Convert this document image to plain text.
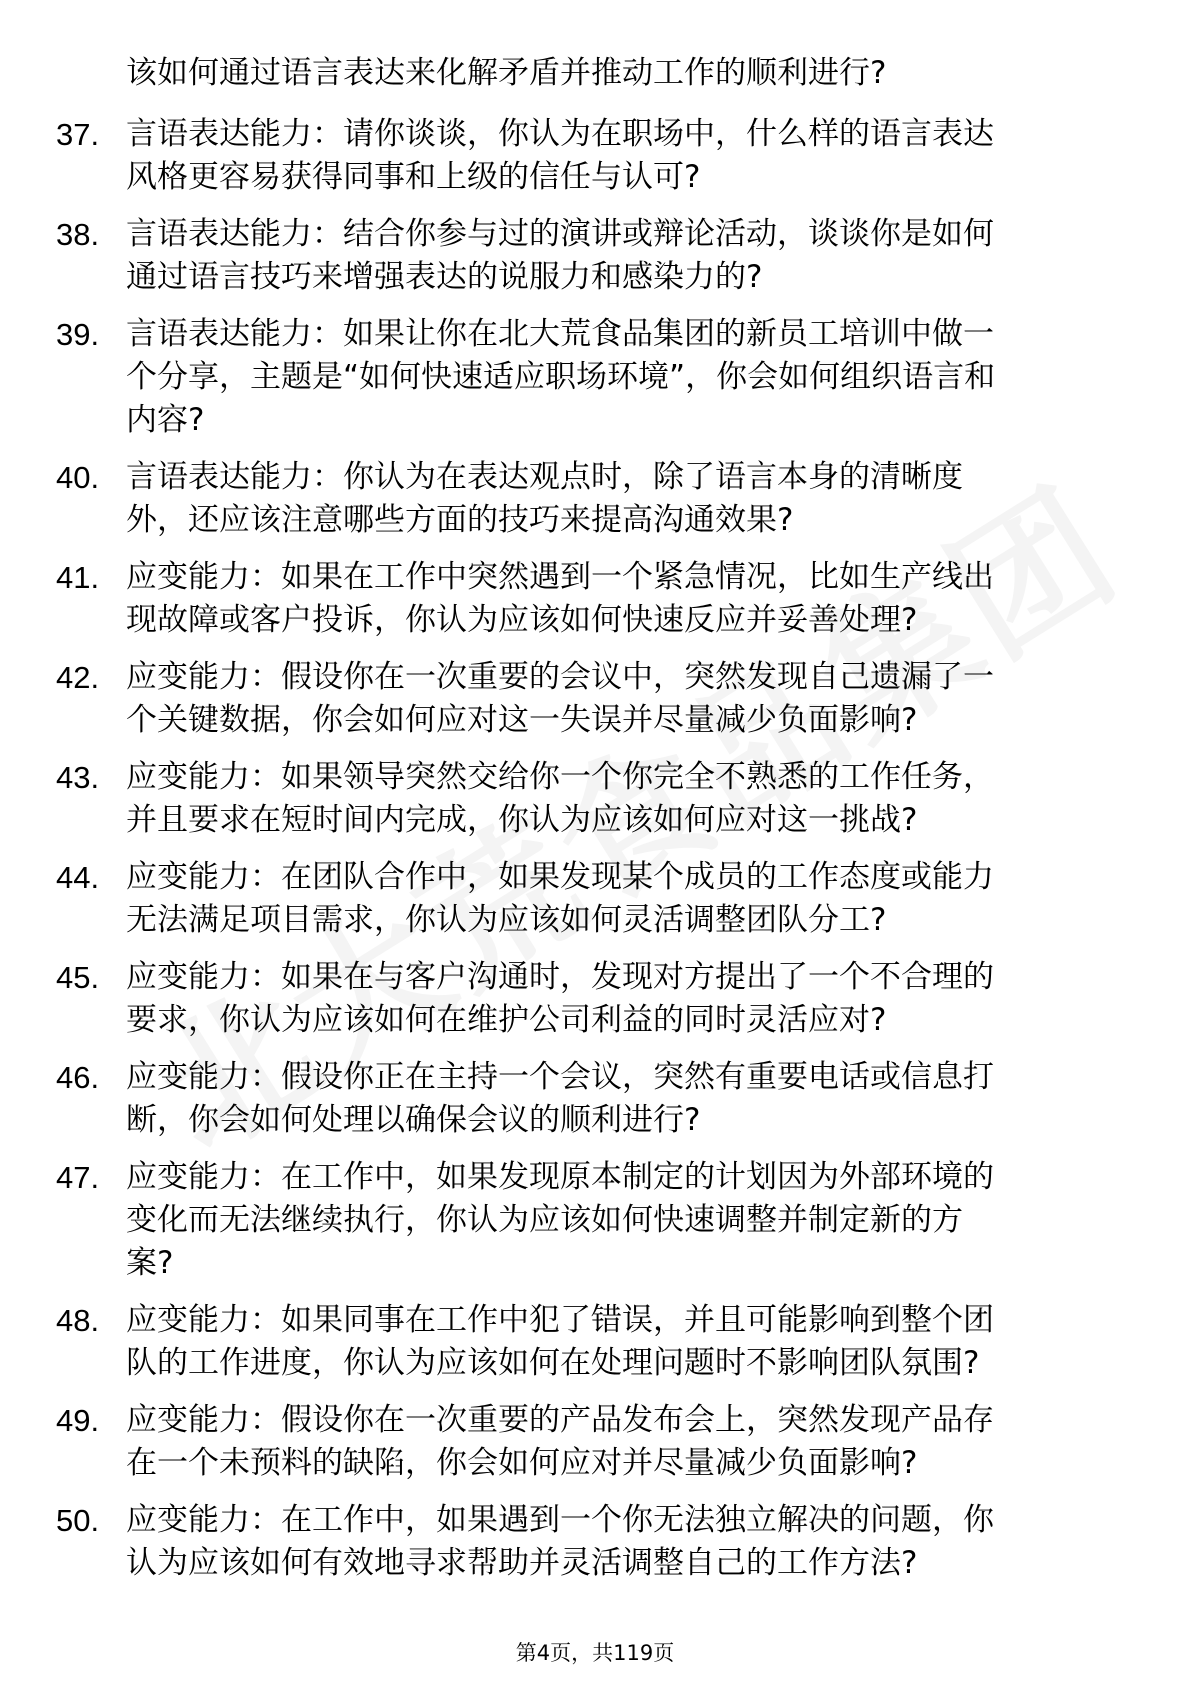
该如何通过语言表达来化解矛盾并推动工作的顺利进行?
37. 言语表达能力：请你谈谈，你认为在职场中，什么样的语言表达
风格更容易获得同事和上级的信任与认可?
38. 言语表达能力：结合你参与过的演讲或辩论活动，谈谈你是如何
通过语言技巧来增强表达的说服力和感染力的?
39. 言语表达能力：如果让你在北大荒食品集团的新员工培训中做一
个分享，主题是“如何快速适应职场环境”，你会如何组织语言和
内容?
40. 言语表达能力：你认为在表达观点时，除了语言本身的清晰度
外，还应该注意哪些方面的技巧来提高沟通效果?
41. 应变能力：如果在工作中突然遇到一个紧急情况，比如生产线出
现故障或客户投诉，你认为应该如何快速反应并妥善处理?
42. 应变能力：假设你在一次重要的会议中，突然发现自己遗漏了一
个关键数据，你会如何应对这一失误并尽量减少负面影响?
43. 应变能力：如果领导突然交给你一个你完全不熟悉的工作任务，
并且要求在短时间内完成，你认为应该如何应对这一挑战?
44. 应变能力：在团队合作中，如果发现某个成员的工作态度或能力
无法满足项目需求，你认为应该如何灵活调整团队分工?
45. 应变能力：如果在与客户沟通时，发现对方提出了一个不合理的
要求，你认为应该如何在维护公司利益的同时灵活应对?
46. 应变能力：假设你正在主持一个会议，突然有重要电话或信息打
断，你会如何处理以确保会议的顺利进行?
47. 应变能力：在工作中，如果发现原本制定的计划因为外部环境的
变化而无法继续执行，你认为应该如何快速调整并制定新的方
案?
48. 应变能力：如果同事在工作中犯了错误，并且可能影响到整个团
队的工作进度，你认为应该如何在处理问题时不影响团队氛围?
49. 应变能力：假设你在一次重要的产品发布会上，突然发现产品存
在一个未预料的缺陷，你会如何应对并尽量减少负面影响?
50. 应变能力：在工作中，如果遇到一个你无法独立解决的问题，你
认为应该如何有效地寻求帮助并灵活调整自己的工作方法?
第4页，共119页
